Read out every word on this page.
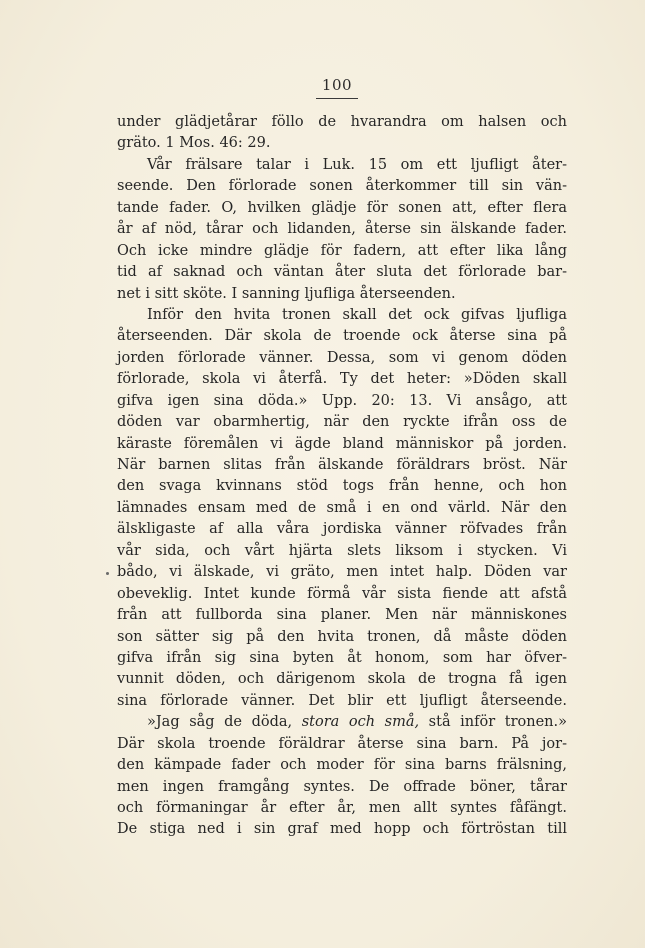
100
under glädjetårar föllo de hvarandra om halsen och
gräto. 1 Mos. 46: 29.
Vår frälsare talar i Luk. 15 om ett ljufligt åter-
seende. Den förlorade sonen återkommer till sin vän-
tande fader. O, hvilken glädje för sonen att, efter flera
år af nöd, tårar och lidanden, återse sin älskande fader.
Och icke mindre glädje för fadern, att efter lika lång
tid af saknad och väntan åter sluta det förlorade bar-
net i sitt sköte. I sanning ljufliga återseenden.
Inför den hvita tronen skall det ock gifvas ljufliga
återseenden. Där skola de troende ock återse sina på
jorden förlorade vänner. Dessa, som vi genom döden
förlorade, skola vi återfå. Ty det heter: »Döden skall
gifva igen sina döda.» Upp. 20: 13. Vi ansågo, att
döden var obarmhertig, när den ryckte ifrån oss de
käraste föremålen vi ägde bland människor på jorden.
När barnen slitas från älskande föräldrars bröst. När
den svaga kvinnans stöd togs från henne, och hon
lämnades ensam med de små i en ond värld. När den
älskligaste af alla våra jordiska vänner röfvades från
vår sida, och vårt hjärta slets liksom i stycken. Vi
bådo, vi älskade, vi gräto, men intet halp. Döden var
obeveklig. Intet kunde förmå vår sista fiende att afstå
från att fullborda sina planer. Men när människones
son sätter sig på den hvita tronen, då måste döden
gifva ifrån sig sina byten åt honom, som har öfver-
vunnit döden, och därigenom skola de trogna få igen
sina förlorade vänner. Det blir ett ljufligt återseende.
»Jag såg de döda, stora och små, stå inför tronen.»
Där skola troende föräldrar återse sina barn. På jor-
den kämpade fader och moder för sina barns frälsning,
men ingen framgång syntes. De offrade böner, tårar
och förmaningar år efter år, men allt syntes fåfängt.
De stiga ned i sin graf med hopp och förtröstan till
